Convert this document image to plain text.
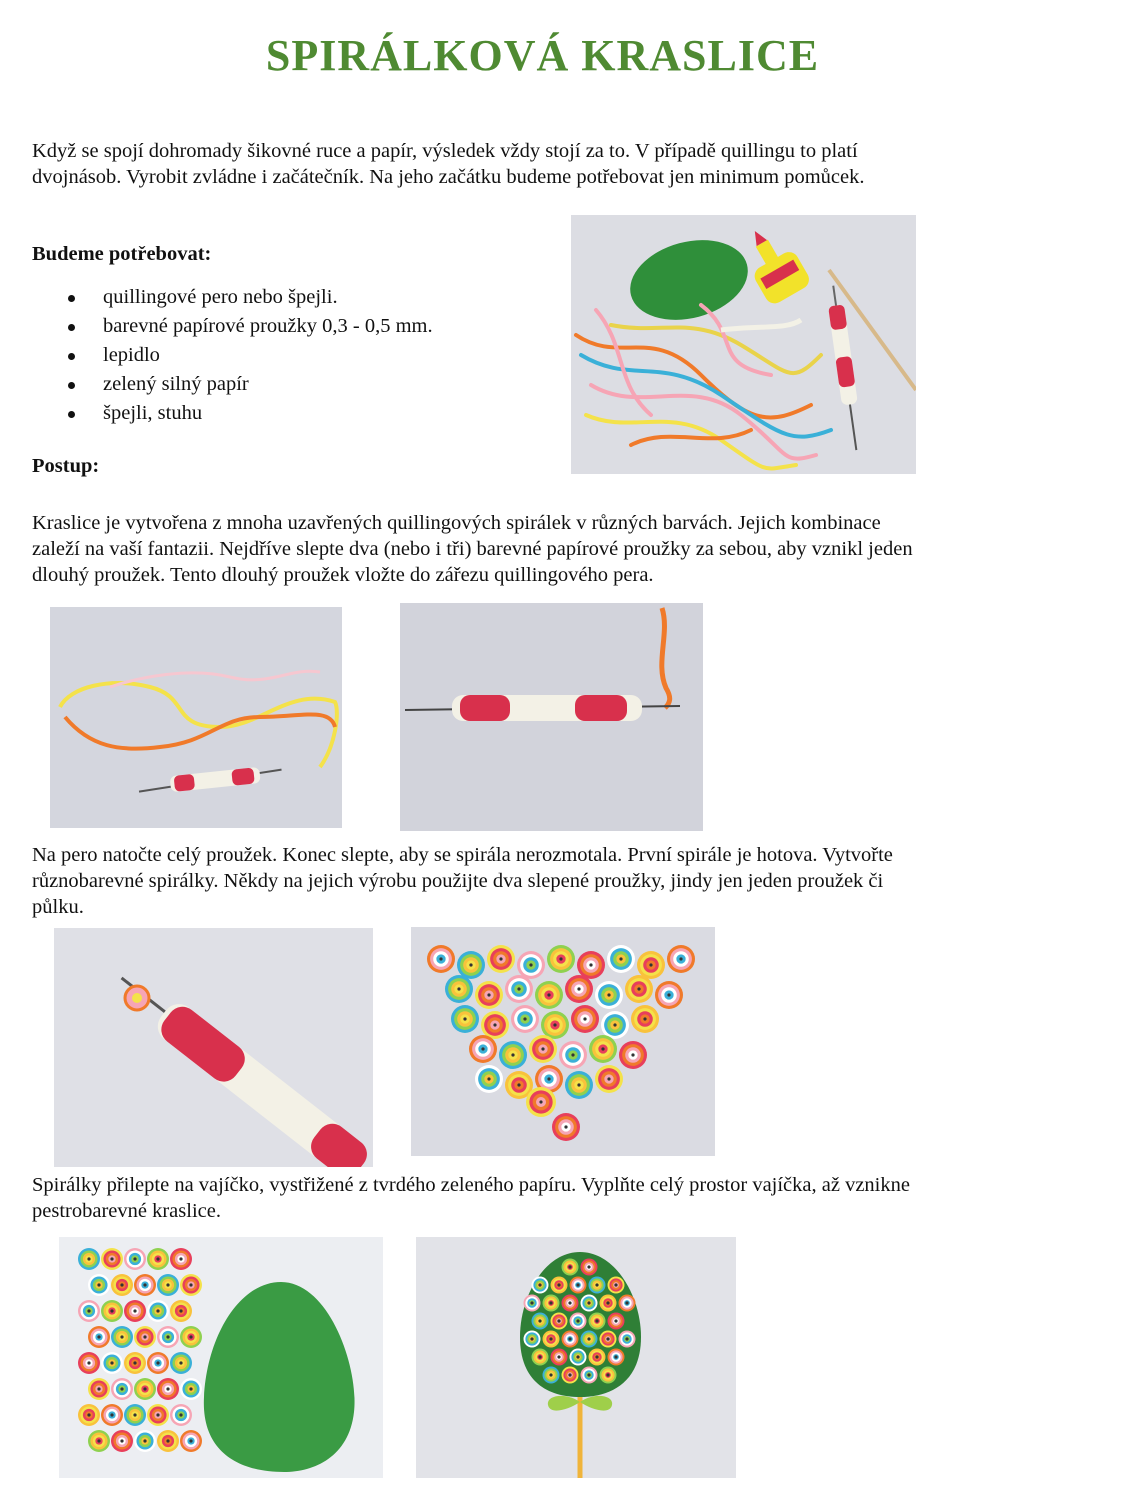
SPIRÁLKOVÁ KRASLICE
Když se spojí dohromady šikovné ruce a papír, výsledek vždy stojí za to. V případě quillingu to platí
dvojnásob. Vyrobit zvládne i začátečník. Na jeho začátku budeme potřebovat jen minimum pomůcek.
Budeme potřebovat:
quillingové pero nebo špejli.
barevné papírové proužky 0,3 - 0,5 mm.
lepidlo
zelený silný papír
špejli, stuhu
Postup:
Kraslice je vytvořena z mnoha uzavřených quillingových spirálek v různých barvách. Jejich kombinace
zaleží na vaší fantazii. Nejdříve slepte dva (nebo i tři) barevné papírové proužky za sebou, aby vznikl jeden
dlouhý proužek. Tento dlouhý proužek vložte do zářezu quillingového pera.
Na pero natočte celý proužek. Konec slepte, aby se spirála nerozmotala. První spirále je hotova. Vytvořte
různobarevné spirálky. Někdy na jejich výrobu použijte dva slepené proužky, jindy jen jeden proužek či
půlku.
Spirálky přilepte na vajíčko, vystřižené z tvrdého zeleného papíru. Vyplňte celý prostor vajíčka, až vznikne
pestrobarevné kraslice.
